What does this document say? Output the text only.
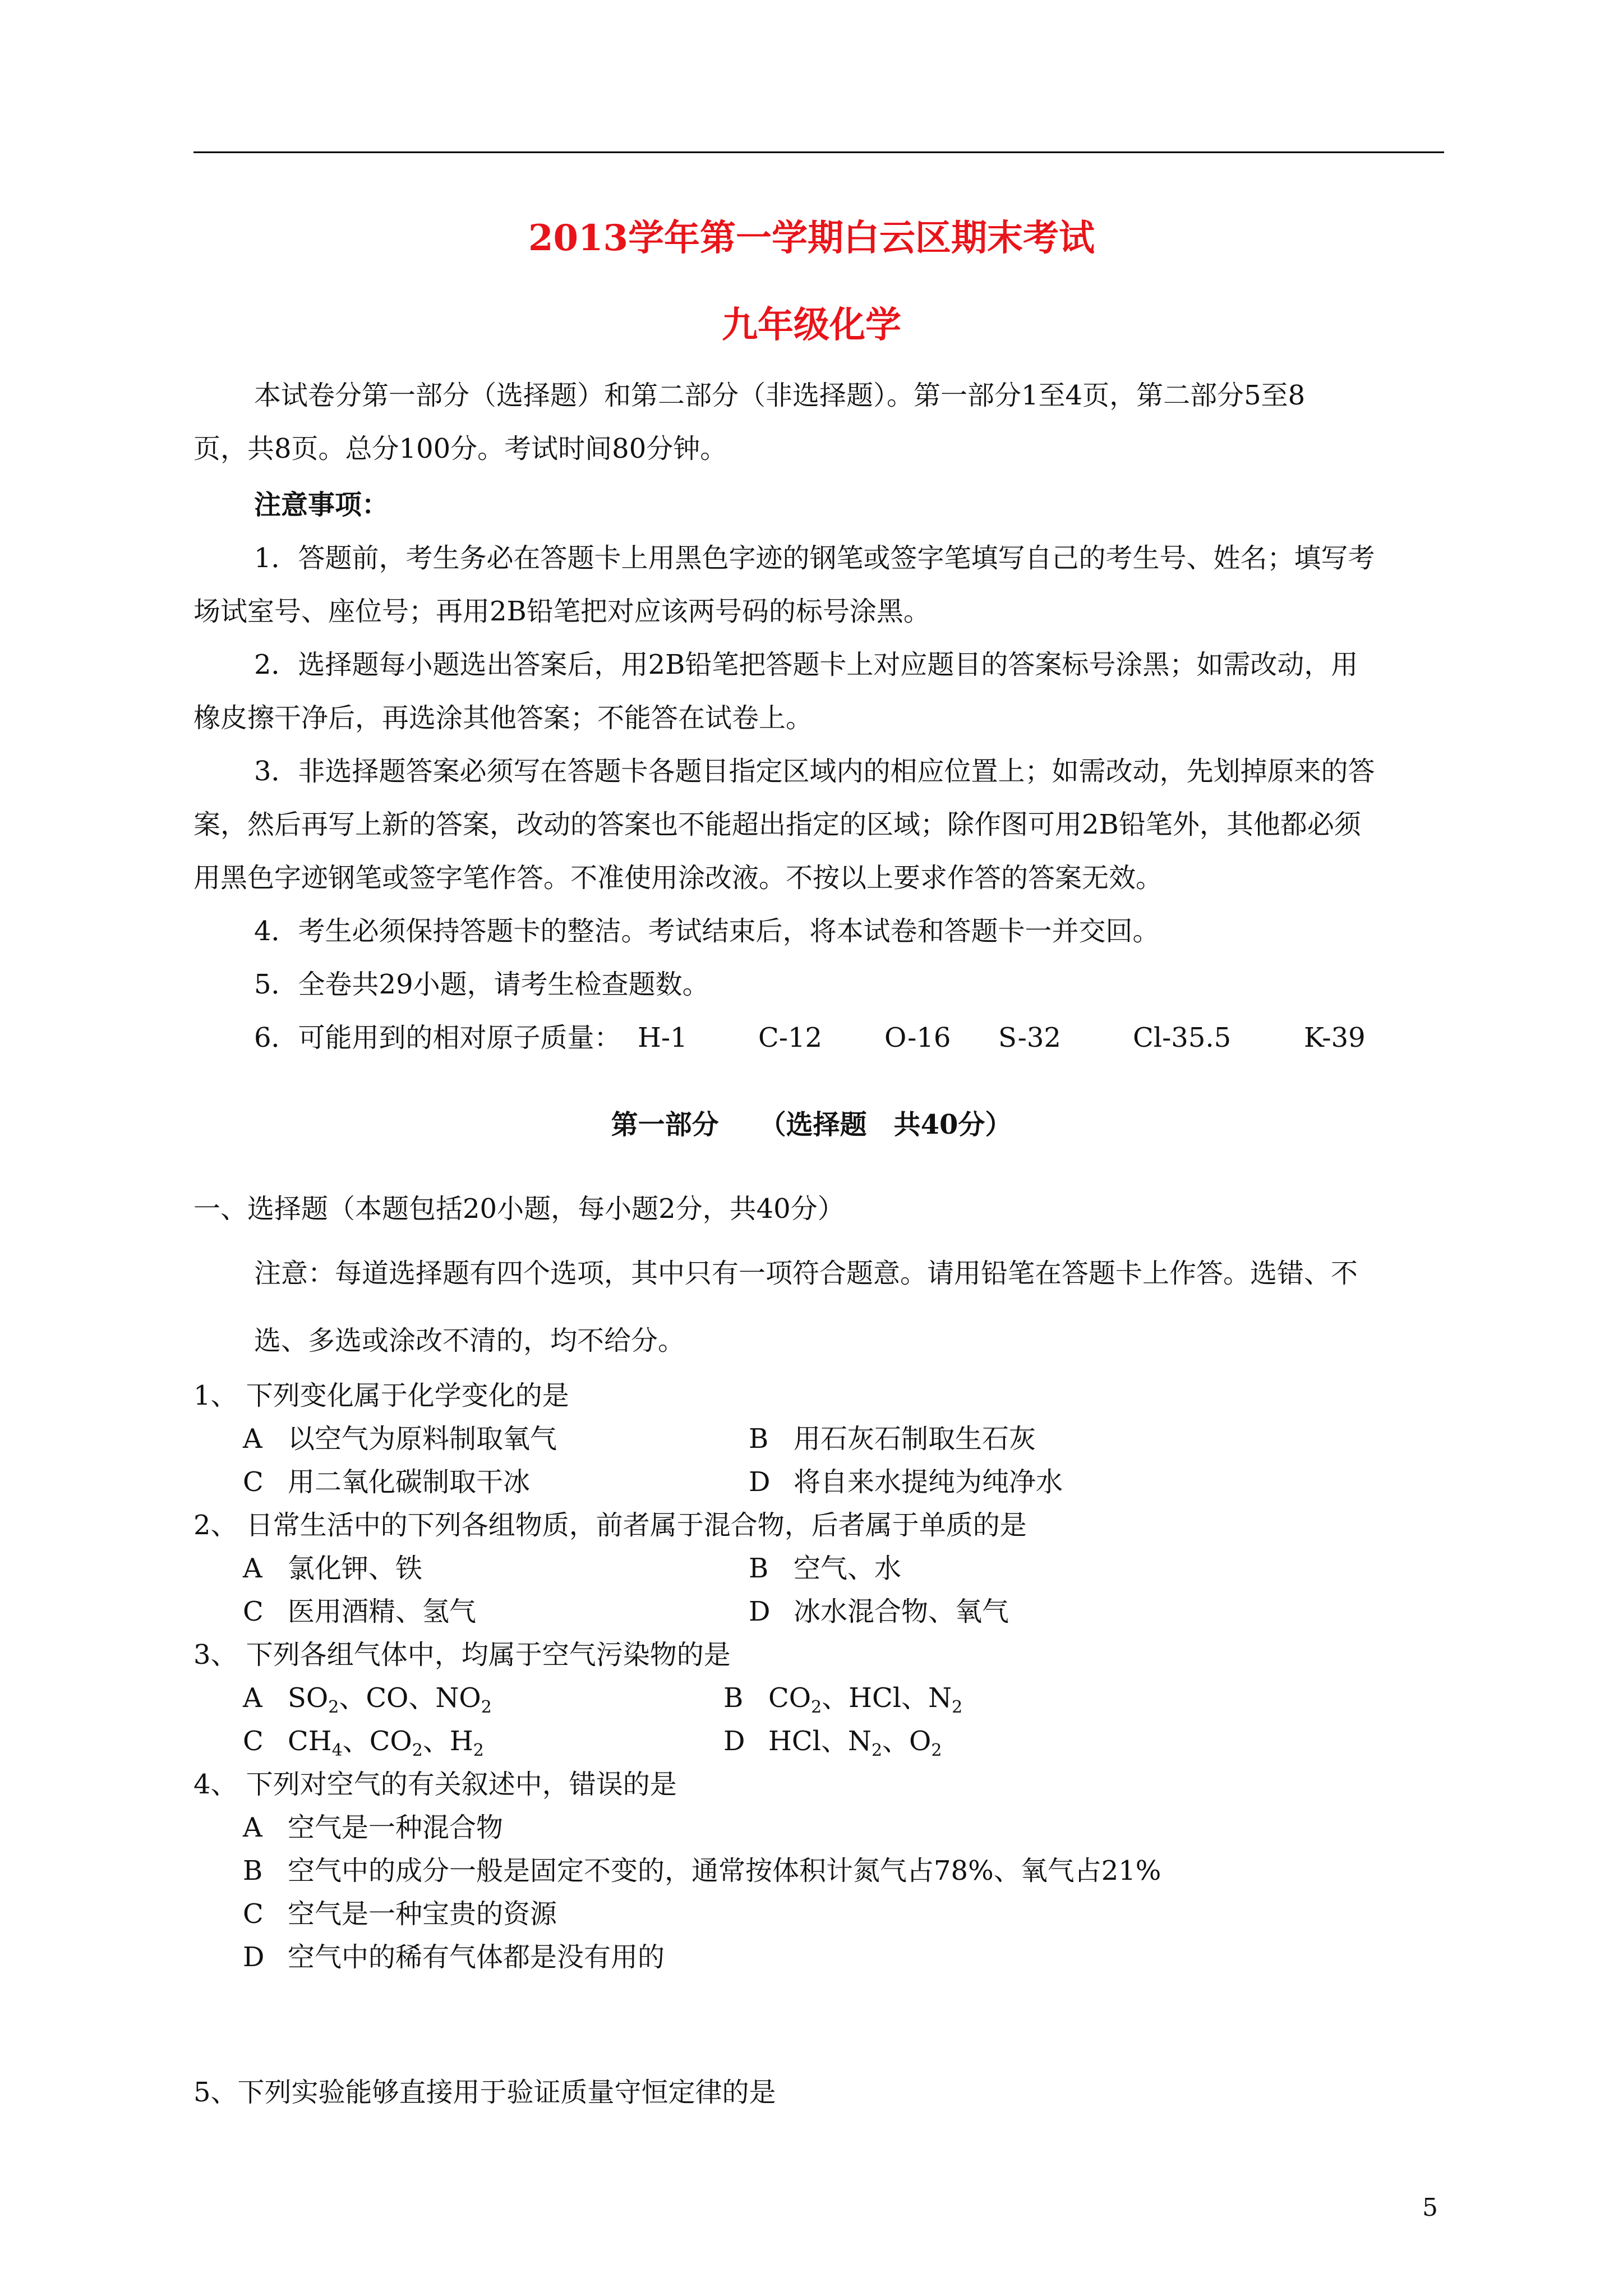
2013学年第一学期白云区期末考试
九年级化学
本试卷分第一部分（选择题）和第二部分（非选择题）。第一部分1至4页，第二部分5至8
页，共8页。总分100分。考试时间80分钟。
注意事项：
1．答题前，考生务必在答题卡上用黑色字迹的钢笔或签字笔填写自己的考生号、姓名；填写考
场试室号、座位号；再用2B铅笔把对应该两号码的标号涂黑。
2．选择题每小题选出答案后，用2B铅笔把答题卡上对应题目的答案标号涂黑；如需改动，用
橡皮擦干净后，再选涂其他答案；不能答在试卷上。
3．非选择题答案必须写在答题卡各题目指定区域内的相应位置上；如需改动，先划掉原来的答
案，然后再写上新的答案，改动的答案也不能超出指定的区域；除作图可用2B铅笔外，其他都必须
用黑色字迹钢笔或签字笔作答。不准使用涂改液。不按以上要求作答的答案无效。
4．考生必须保持答题卡的整洁。考试结束后，将本试卷和答题卡一并交回。
5．全卷共29小题，请考生检查题数。
6．可能用到的相对原子质量： H-1	C-12 O-16 S-32	Cl-35.5	K-39
第一部分　　（选择题　共40分）
一、选择题（本题包括20小题，每小题2分，共40分）
注意：每道选择题有四个选项，其中只有一项符合题意。请用铅笔在答题卡上作答。选错、不
选、多选或涂改不清的，均不给分。
1、 下列变化属于化学变化的是
A 以空气为原料制取氧气	B 用石灰石制取生石灰
C 用二氧化碳制取干冰	D 将自来水提纯为纯净水
2、 日常生活中的下列各组物质，前者属于混合物，后者属于单质的是
A 氯化钾、铁	B 空气、水
C 医用酒精、氢气	D 冰水混合物、氧气
3、 下列各组气体中，均属于空气污染物的是
A $SO_2$、CO、$NO_2$	B $CO_2$、HCl、$N_2$
C $CH_4$、$CO_2$、$H_2$	D HCl、$N_2$、$O_2$
4、 下列对空气的有关叙述中，错误的是
A 空气是一种混合物
B 空气中的成分一般是固定不变的，通常按体积计氮气占78%、氧气占21%
C 空气是一种宝贵的资源
D 空气中的稀有气体都是没有用的
5、下列实验能够直接用于验证质量守恒定律的是
5
